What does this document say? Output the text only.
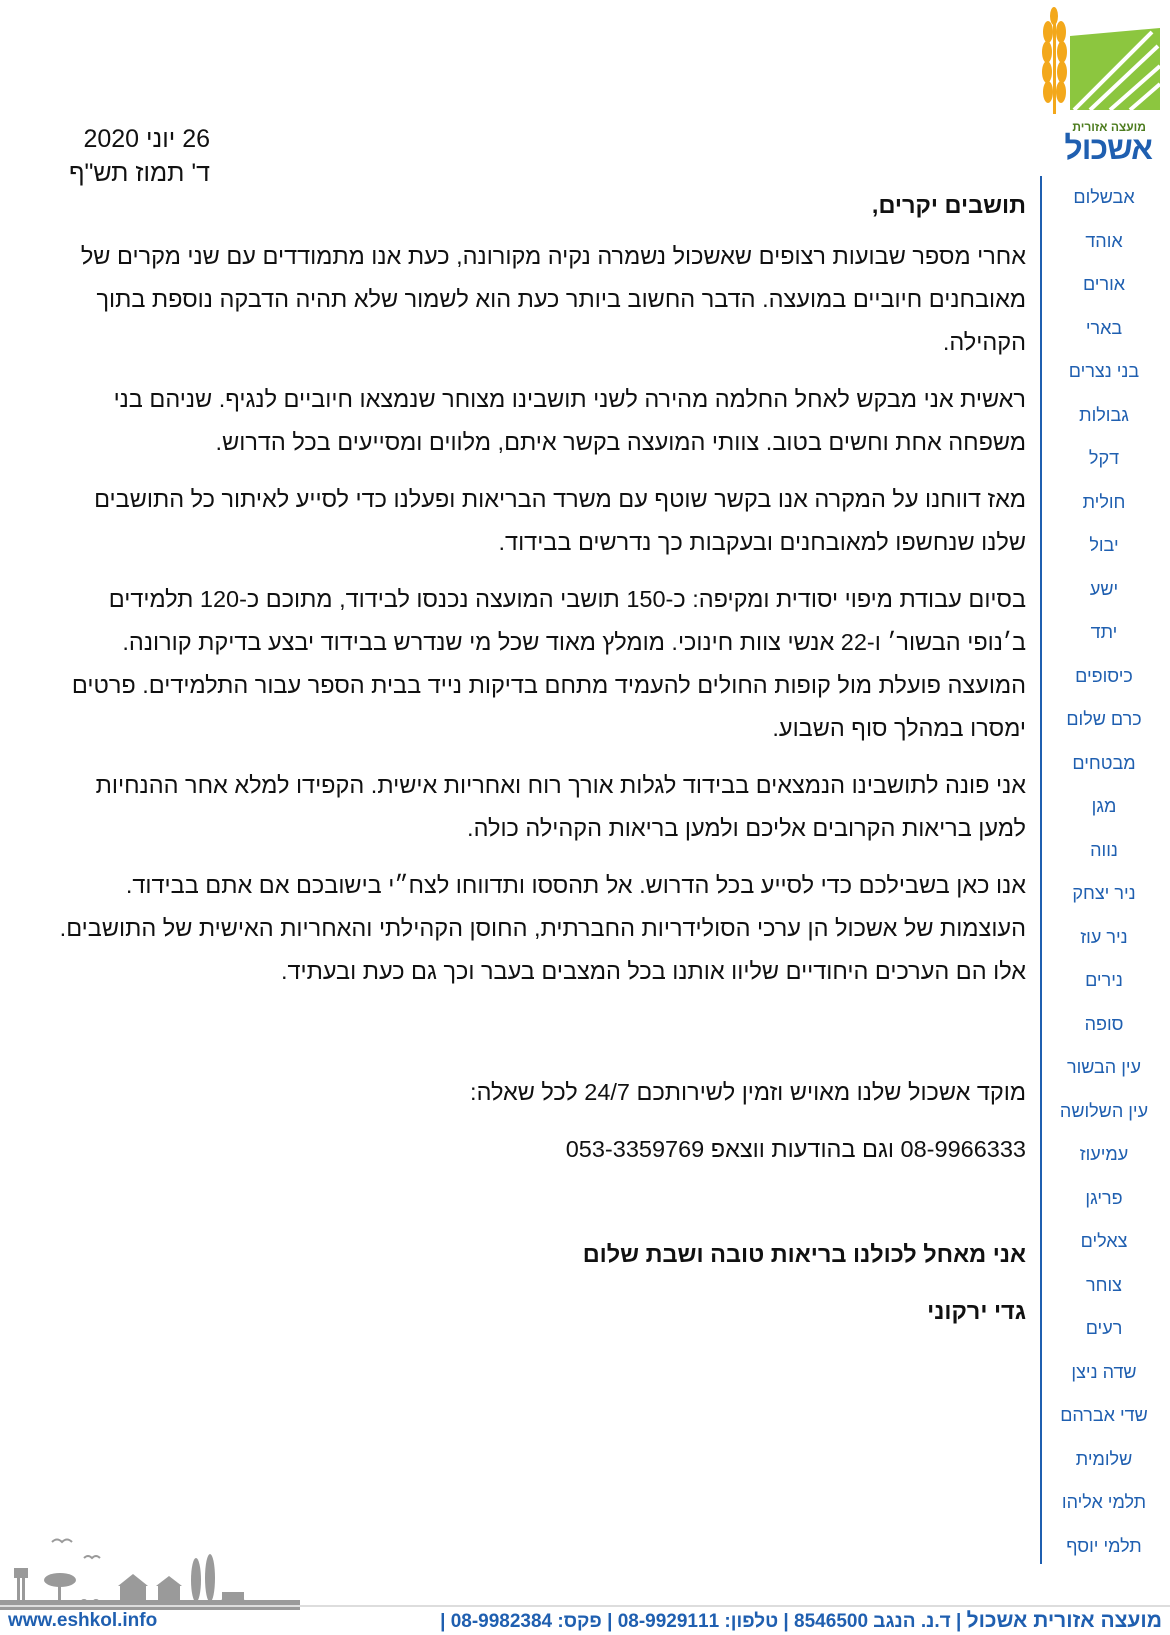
מועצה אזורית
אשכול
26 יוני 2020
ד' תמוז תש"ף
אבשלום
אוהד
אורים
בארי
בני נצרים
גבולות
דקל
חולית
יבול
ישע
יתד
כיסופים
כרם שלום
מבטחים
מגן
נווה
ניר יצחק
ניר עוז
נירים
סופה
עין הבשור
עין השלושה
עמיעוז
פריגן
צאלים
צוחר
רעים
שדה ניצן
שדי אברהם
שלומית
תלמי אליהו
תלמי יוסף

תושבים יקרים,

אחרי מספר שבועות רצופים שאשכול נשמרה נקיה מקורונה, כעת אנו מתמודדים עם שני מקרים של מאובחנים חיוביים במועצה. הדבר החשוב ביותר כעת הוא לשמור שלא תהיה הדבקה נוספת בתוך הקהילה.

ראשית אני מבקש לאחל החלמה מהירה לשני תושבינו מצוחר שנמצאו חיוביים לנגיף. שניהם בני משפחה אחת וחשים בטוב. צוותי המועצה בקשר איתם, מלווים ומסייעים בכל הדרוש.

מאז דווחנו על המקרה אנו בקשר שוטף עם משרד הבריאות ופעלנו כדי לסייע לאיתור כל התושבים שלנו שנחשפו למאובחנים ובעקבות כך נדרשים בבידוד.

בסיום עבודת מיפוי יסודית ומקיפה: כ-150 תושבי המועצה נכנסו לבידוד, מתוכם כ-120 תלמידים ב׳נופי הבשור׳ ו-22 אנשי צוות חינוכי. מומלץ מאוד שכל מי שנדרש בבידוד יבצע בדיקת קורונה. המועצה פועלת מול קופות החולים להעמיד מתחם בדיקות נייד בבית הספר עבור התלמידים. פרטים ימסרו במהלך סוף השבוע.

אני פונה לתושבינו הנמצאים בבידוד לגלות אורך רוח ואחריות אישית. הקפידו למלא אחר ההנחיות למען בריאות הקרובים אליכם ולמען בריאות הקהילה כולה.

אנו כאן בשבילכם כדי לסייע בכל הדרוש. אל תהססו ותדווחו לצח״י בישובכם אם אתם בבידוד. העוצמות של אשכול הן ערכי הסולידריות החברתית, החוסן הקהילתי והאחריות האישית של התושבים. אלו הם הערכים היחודיים שליוו אותנו בכל המצבים בעבר וכך גם כעת ובעתיד.

מוקד אשכול שלנו מאויש וזמין לשירותכם 24/7 לכל שאלה:

08-9966333 וגם בהודעות ווצאפ 053-3359769

אני מאחל לכולנו בריאות טובה ושבת שלום

גדי ירקוני

מועצה אזורית אשכול | ד.נ. הנגב 8546500 | טלפון: 08-9929111 | פקס: 08-9982384 |
www.eshkol.info
